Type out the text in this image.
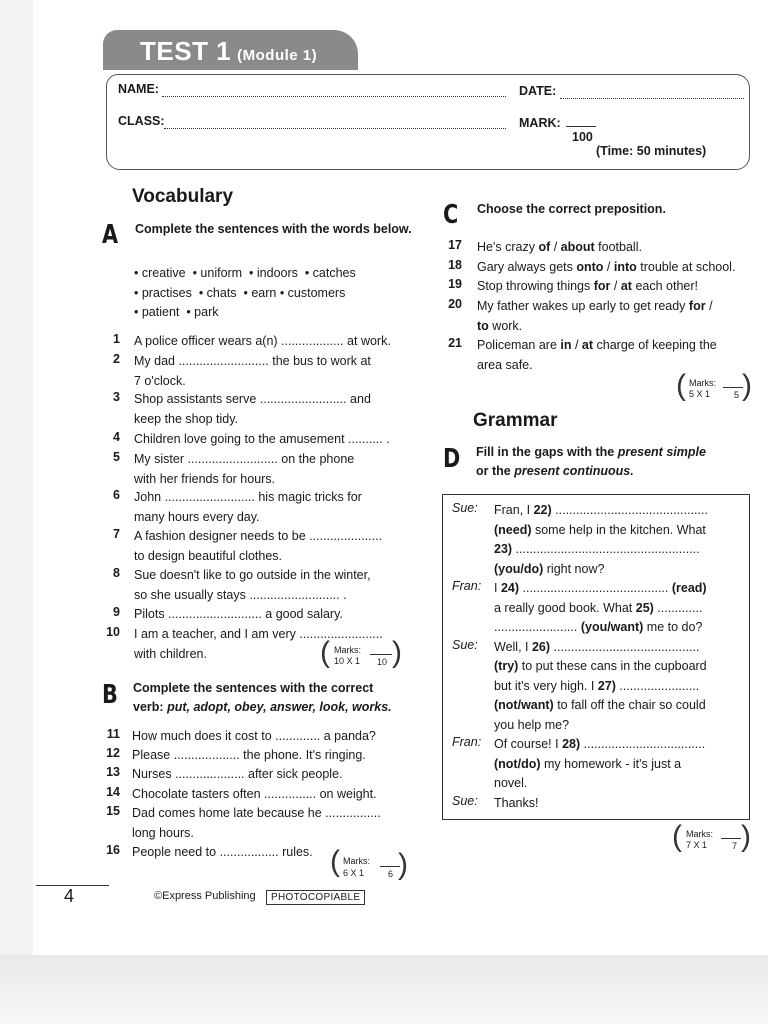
TEST 1 (Module 1)
NAME:	DATE:
CLASS:	MARK:
100
(Time: 50 minutes)
Vocabulary
A Complete the sentences with the words below.
• creative  • uniform  • indoors  • catches
• practises  • chats  • earn • customers
• patient  • park
1 A police officer wears a(n) .................. at work.
2 My dad .......................... the bus to work at
7 o'clock.
3 Shop assistants serve ......................... and
keep the shop tidy.
4 Children love going to the amusement .......... .
5 My sister .......................... on the phone
with her friends for hours.
6 John .......................... his magic tricks for
many hours every day.
7 A fashion designer needs to be .....................
to design beautiful clothes.
8 Sue doesn't like to go outside in the winter,
so she usually stays .......................... .
9 Pilots ........................... a good salary.
10 I am a teacher, and I am very ........................
with children.	( Marks:
10 X 1 10 )
B Complete the sentences with the correct
verb: put, adopt, obey, answer, look, works.
11 How much does it cost to ............. a panda?
12 Please ................... the phone. It's ringing.
13 Nurses .................... after sick people.
14 Chocolate tasters often ............... on weight.
15 Dad comes home late because he ................
long hours.
16 People need to ................. rules. ( Marks:
6 X 1	6 )
C Choose the correct preposition.
17 He's crazy of / about football.
18 Gary always gets onto / into trouble at school.
19 Stop throwing things for / at each other!
20 My father wakes up early to get ready for /
to work.
21 Policeman are in / at charge of keeping the
area safe.
( Marks:
5 X 1	5 )
Grammar
D Fill in the gaps with the present simple
or the present continuous.
Sue: Fran, I 22) ............................................
(need) some help in the kitchen. What
23) .....................................................
(you/do) right now?
Fran: I 24) .......................................... (read)
a really good book. What 25) .............
........................ (you/want) me to do?
Sue: Well, I 26) ..........................................
(try) to put these cans in the cupboard
but it's very high. I 27) .......................
(not/want) to fall off the chair so could
you help me?
Fran: Of course! I 28) ...................................
(not/do) my homework - it's just a
novel.
Sue: Thanks!
( Marks:
7 X 1	7 )
4	©Express Publishing	PHOTOCOPIABLE
